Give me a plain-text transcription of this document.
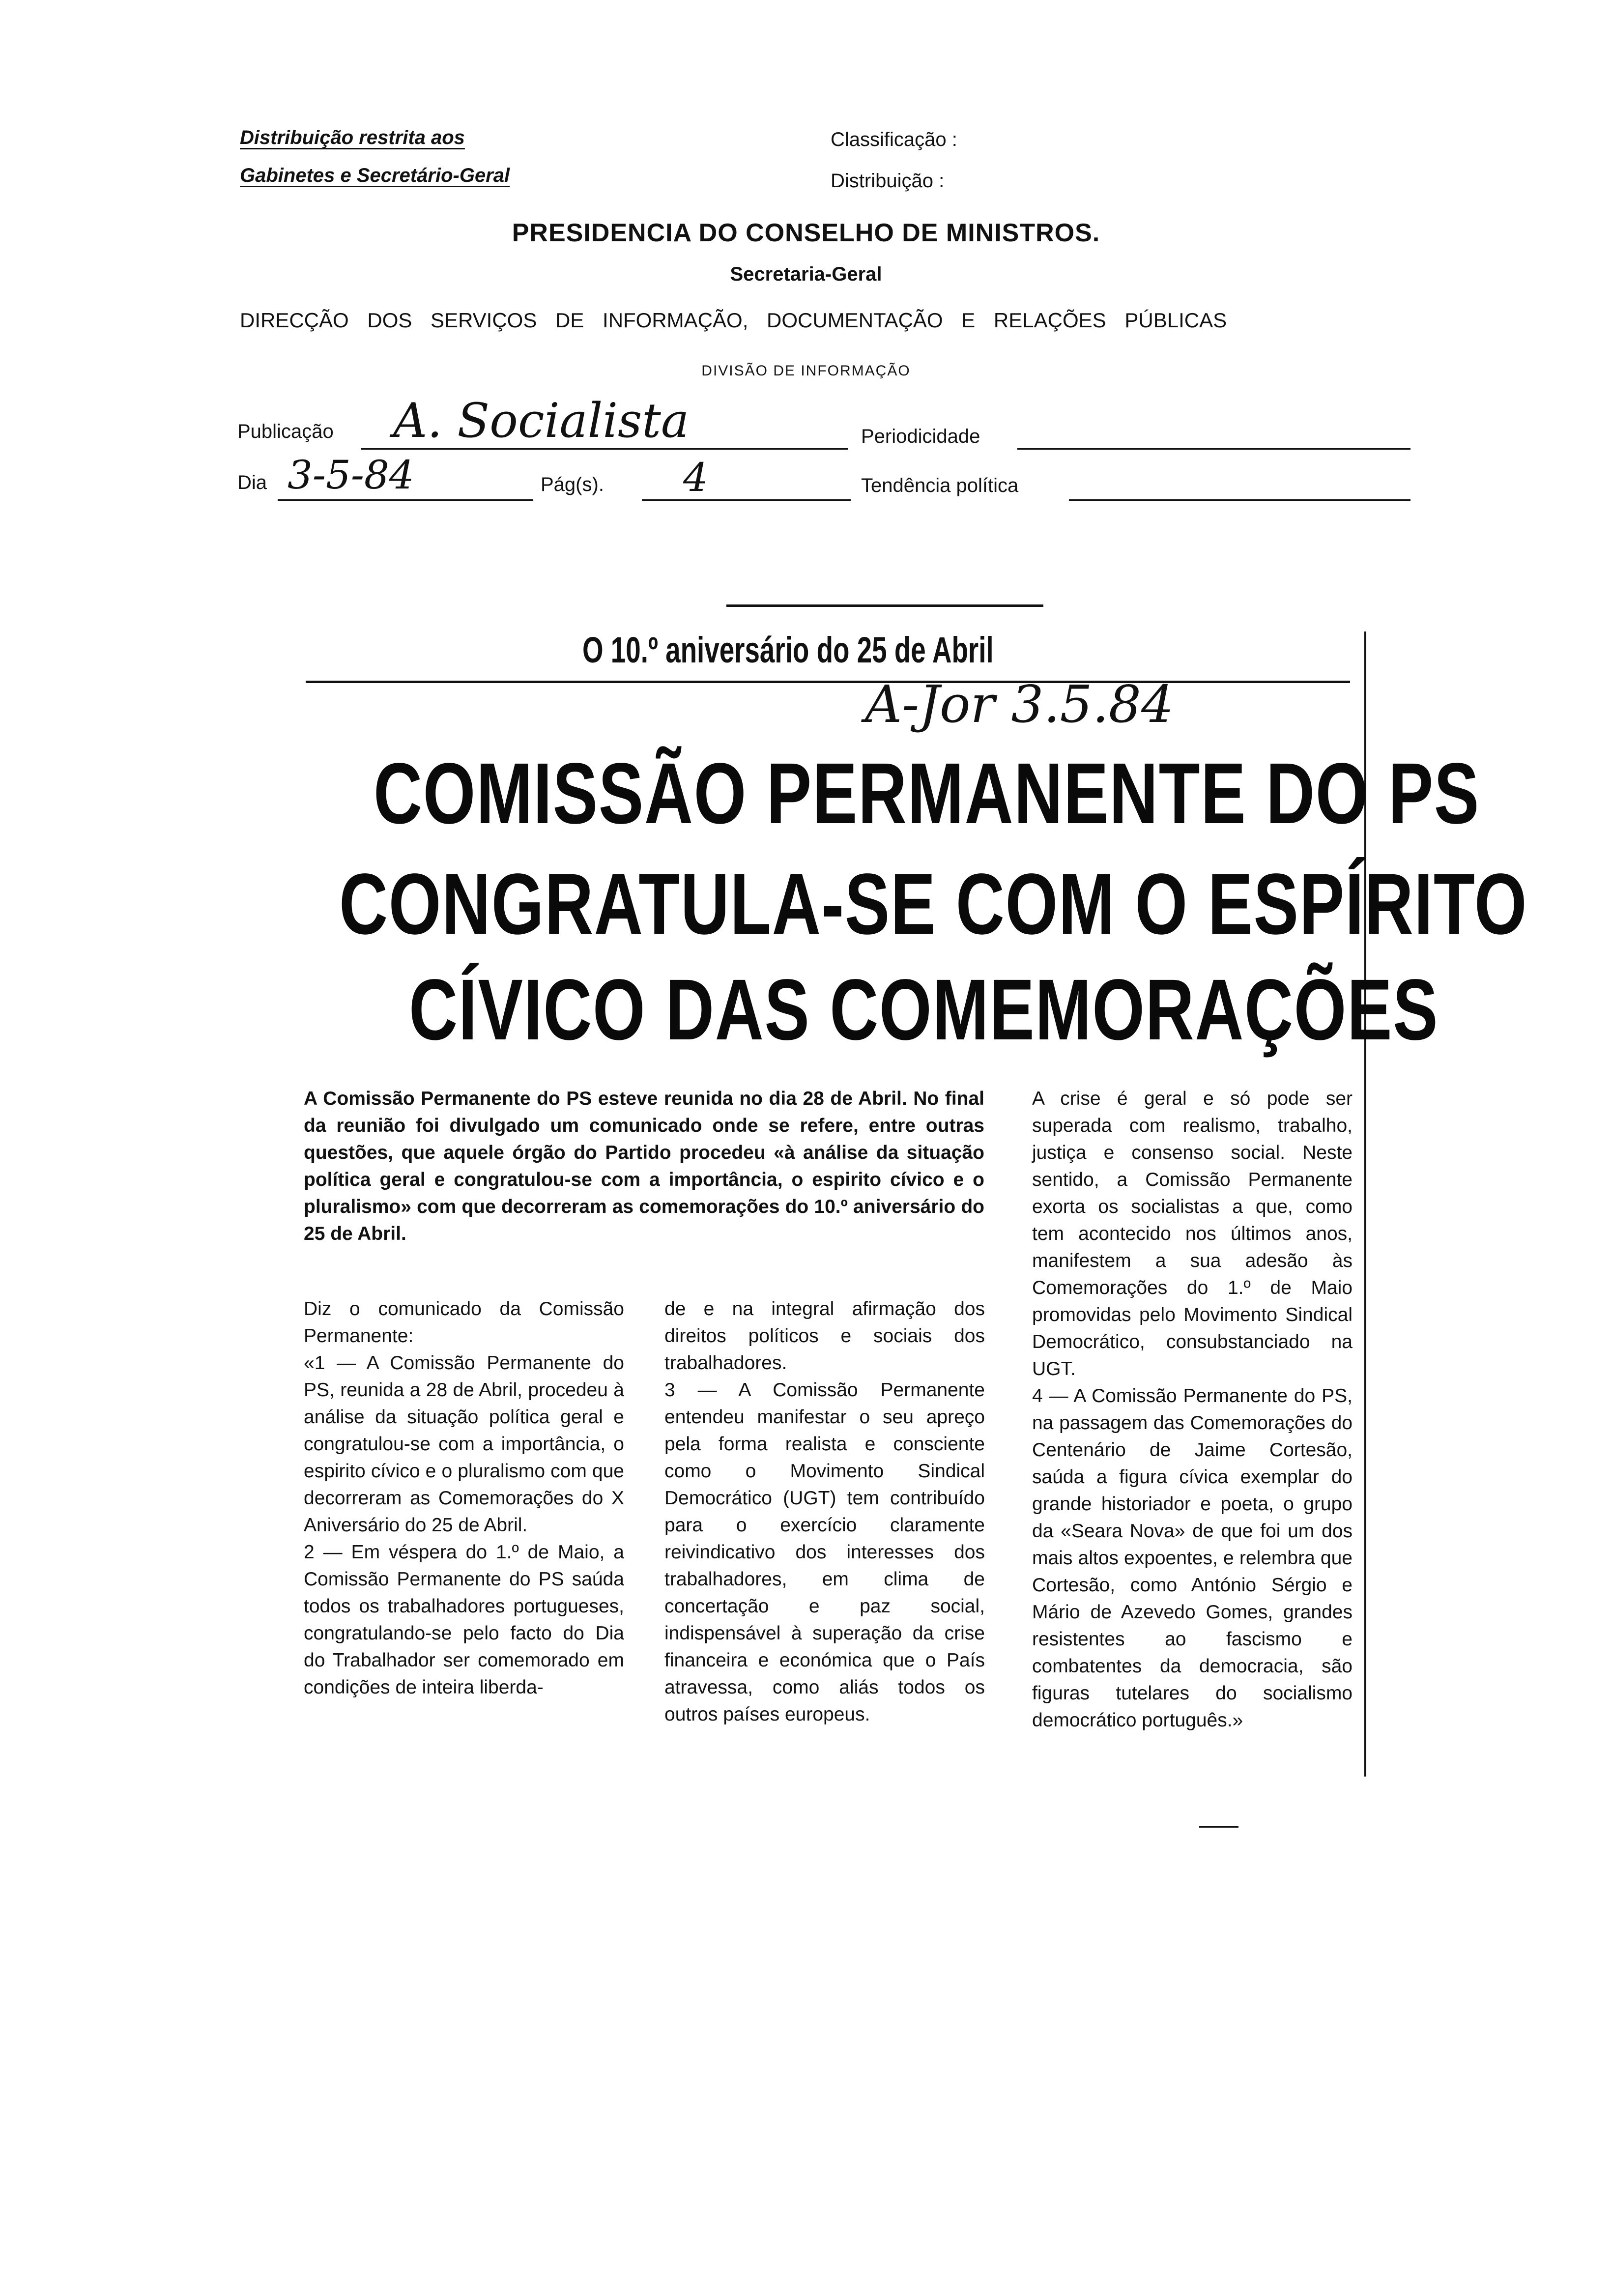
Distribuição restrita aos
Gabinetes e Secretário-Geral
Classificação :
Distribuição :
PRESIDENCIA DO CONSELHO DE MINISTROS.
Secretaria-Geral
DIRECÇÃO DOS SERVIÇOS DE INFORMAÇÃO, DOCUMENTAÇÃO E RELAÇÕES PÚBLICAS
DIVISÃO DE INFORMAÇÃO
Publicação A. Socialista	Periodicidade
Dia 3-5-84	Pág(s). 4	Tendência política
O 10.º aniversário do 25 de Abril
A-Jor 3.5.84
COMISSÃO PERMANENTE DO PS
CONGRATULA-SE COM O ESPÍRITO
CÍVICO DAS COMEMORAÇÕES
A Comissão Permanente do PS esteve reunida no dia 28 de Abril. No final da reunião foi divulgado um comunicado onde se refere, entre outras questões, que aquele órgão do Partido procedeu «à análise da situação política geral e congratulou-se com a importância, o espirito cívico e o pluralismo» com que decorreram as comemorações do 10.º aniversário do 25 de Abril.
Diz o comunicado da Comissão Permanente:
«1 — A Comissão Permanente do PS, reunida a 28 de Abril, procedeu à análise da situação política geral e congratulou-se com a importância, o espirito cívico e o pluralismo com que decorreram as Comemorações do X Aniversário do 25 de Abril.
2 — Em véspera do 1.º de Maio, a Comissão Permanente do PS saúda todos os trabalhadores portugueses, congratulando-se pelo facto do Dia do Trabalhador ser comemorado em condições de inteira liberda-
de e na integral afirmação dos direitos políticos e sociais dos trabalhadores.
3 — A Comissão Permanente entendeu manifestar o seu apreço pela forma realista e consciente como o Movimento Sindical Democrático (UGT) tem contribuído para o exercício claramente reivindicativo dos interesses dos trabalhadores, em clima de concertação e paz social, indispensável à superação da crise financeira e económica que o País atravessa, como aliás todos os outros países europeus.
A crise é geral e só pode ser superada com realismo, trabalho, justiça e consenso social. Neste sentido, a Comissão Permanente exorta os socialistas a que, como tem acontecido nos últimos anos, manifestem a sua adesão às Comemorações do 1.º de Maio promovidas pelo Movimento Sindical Democrático, consubstanciado na UGT.
4 — A Comissão Permanente do PS, na passagem das Comemorações do Centenário de Jaime Cortesão, saúda a figura cívica exemplar do grande historiador e poeta, o grupo da «Seara Nova» de que foi um dos mais altos expoentes, e relembra que Cortesão, como António Sérgio e Mário de Azevedo Gomes, grandes resistentes ao fascismo e combatentes da democracia, são figuras tutelares do socialismo democrático português.»
